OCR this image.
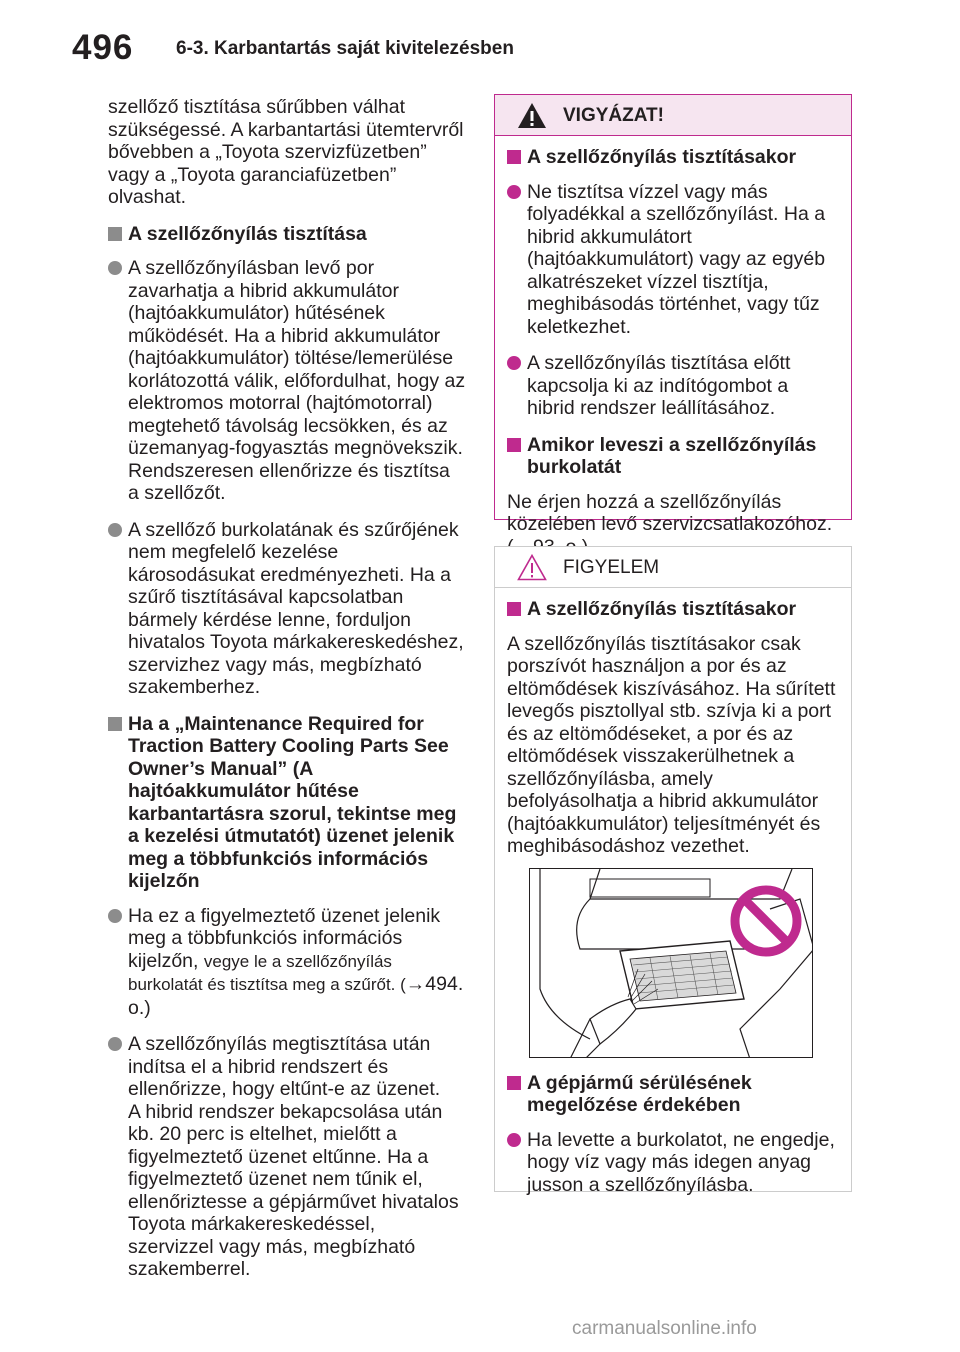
496 6-3. Karbantartás saját kivitelezésben

szellőző tisztítása sűrűbben válhat szükségessé. A karbantartási ütemtervről bővebben a „Toyota szervizfüzetben” vagy a „Toyota garanciafüzetben” olvashat.

A szellőzőnyílás tisztítása
A szellőzőnyílásban levő por zavarhatja a hibrid akkumulátor (hajtóakkumulátor) hűtésének működését. Ha a hibrid akkumulátor (hajtóakkumulátor) töltése/lemerülése korlátozottá válik, előfordulhat, hogy az elektromos motorral (hajtómotorral) megtehető távolság lecsökken, és az üzemanyag-fogyasztás megnövekszik. Rendszeresen ellenőrizze és tisztítsa a szellőzőt.
A szellőző burkolatának és szűrőjének nem megfelelő kezelése károsodásukat eredményezheti. Ha a szűrő tisztításával kapcsolatban bármely kérdése lenne, forduljon hivatalos Toyota márkakereskedéshez, szervizhez vagy más, megbízható szakemberhez.
Ha a „Maintenance Required for Traction Battery Cooling Parts See Owner’s Manual” (A hajtóakkumulátor hűtése karbantartásra szorul, tekintse meg a kezelési útmutatót) üzenet jelenik meg a többfunkciós információs kijelzőn
Ha ez a figyelmeztető üzenet jelenik meg a többfunkciós információs kijelzőn, vegye le a szellőzőnyílás burkolatát és tisztítsa meg a szűrőt. (→494. o.)
A szellőzőnyílás megtisztítása után indítsa el a hibrid rendszert és ellenőrizze, hogy eltűnt-e az üzenet.
A hibrid rendszer bekapcsolása után kb. 20 perc is eltelhet, mielőtt a figyelmeztető üzenet eltűnne. Ha a figyelmeztető üzenet nem tűnik el, ellenőriztesse a gépjárművet hivatalos Toyota márkakereskedéssel, szervizzel vagy más, megbízható szakemberrel.
VIGYÁZAT!
A szellőzőnyílás tisztításakor
Ne tisztítsa vízzel vagy más folyadékkal a szellőzőnyílást. Ha a hibrid akkumulátort (hajtóakkumulátort) vagy az egyéb alkatrészeket vízzel tisztítja, meghibásodás történhet, vagy tűz keletkezhet.
A szellőzőnyílás tisztítása előtt kapcsolja ki az indítógombot a hibrid rendszer leállításához.
Amikor leveszi a szellőzőnyílás burkolatát

Ne érjen hozzá a szellőzőnyílás közelében levő szervizcsatlakozóhoz.

FIGYELEM
A szellőzőnyílás tisztításakor

A szellőzőnyílás tisztításakor csak porszívót használjon a por és az eltömődések kiszívásához. Ha sűrített levegős pisztollyal stb. szívja ki a port és az eltömődéseket, a por és az eltömődések visszakerülhetnek a szellőzőnyílásba, amely befolyásolhatja a hibrid akkumulátor (hajtóakkumulátor) teljesítményét és meghibásodáshoz vezethet.

A gépjármű sérülésének megelőzése érdekében
Ha levette a burkolatot, ne engedje, hogy víz vagy más idegen anyag jusson a szellőzőnyílásba.
carmanualsonline.info
